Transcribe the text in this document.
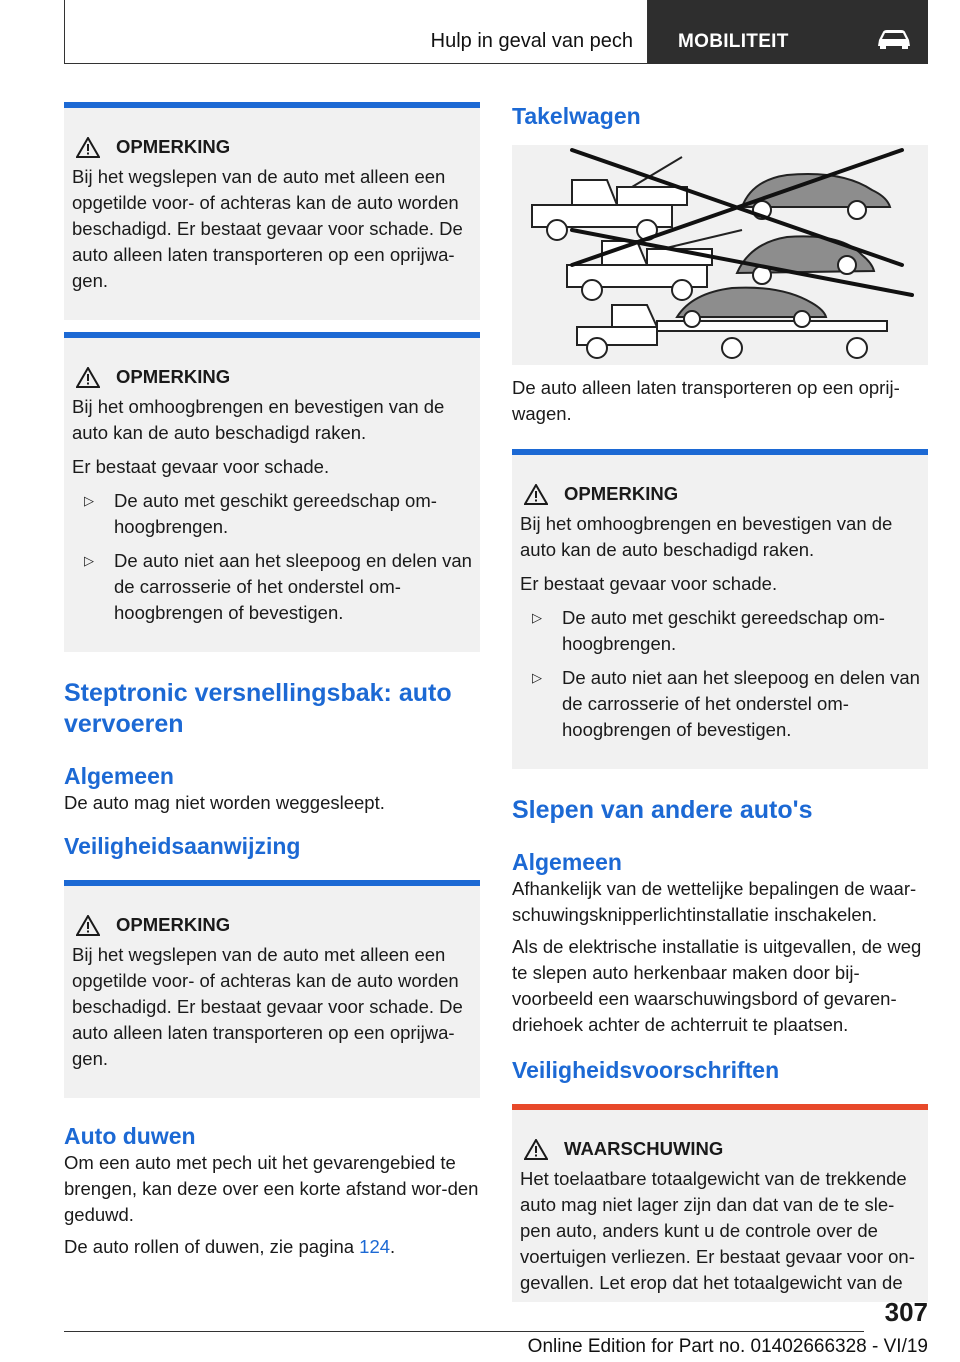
Hulp in geval van pech MOBILITEIT
OPMERKING

Bij het wegslepen van de auto met alleen een opgetilde voor- of achteras kan de auto worden beschadigd. Er bestaat gevaar voor schade. De auto alleen laten transporteren op een oprijwa-gen.

OPMERKING

Bij het omhoogbrengen en bevestigen van de auto kan de auto beschadigd raken.

Er bestaat gevaar voor schade.

▷ De auto met geschikt gereedschap om-hoogbrengen.
▷ De auto niet aan het sleepoog en delen van de carrosserie of het onderstel om-hoogbrengen of bevestigen.
Steptronic versnellingsbak: auto vervoeren
Algemeen

De auto mag niet worden weggesleept.

Veiligheidsaanwijzing
OPMERKING

Bij het wegslepen van de auto met alleen een opgetilde voor- of achteras kan de auto worden beschadigd. Er bestaat gevaar voor schade. De auto alleen laten transporteren op een oprijwa-gen.

Auto duwen

Om een auto met pech uit het gevarengebied te brengen, kan deze over een korte afstand wor-den geduwd.

De auto rollen of duwen, zie pagina 124.

Takelwagen

De auto alleen laten transporteren op een oprij-wagen.

OPMERKING

Bij het omhoogbrengen en bevestigen van de auto kan de auto beschadigd raken.

Er bestaat gevaar voor schade.

▷ De auto met geschikt gereedschap om-hoogbrengen.
▷ De auto niet aan het sleepoog en delen van de carrosserie of het onderstel om-hoogbrengen of bevestigen.
Slepen van andere auto's
Algemeen

Afhankelijk van de wettelijke bepalingen de waar-schuwingsknipperlichtinstallatie inschakelen.

Als de elektrische installatie is uitgevallen, de weg te slepen auto herkenbaar maken door bij-voorbeeld een waarschuwingsbord of gevaren-driehoek achter de achterruit te plaatsen.

Veiligheidsvoorschriften
WAARSCHUWING

Het toelaatbare totaalgewicht van de trekkende auto mag niet lager zijn dan dat van de te sle-pen auto, anders kunt u de controle over de voertuigen verliezen. Er bestaat gevaar voor on-gevallen. Let erop dat het totaalgewicht van de

307
Online Edition for Part no. 01402666328 - VI/19
